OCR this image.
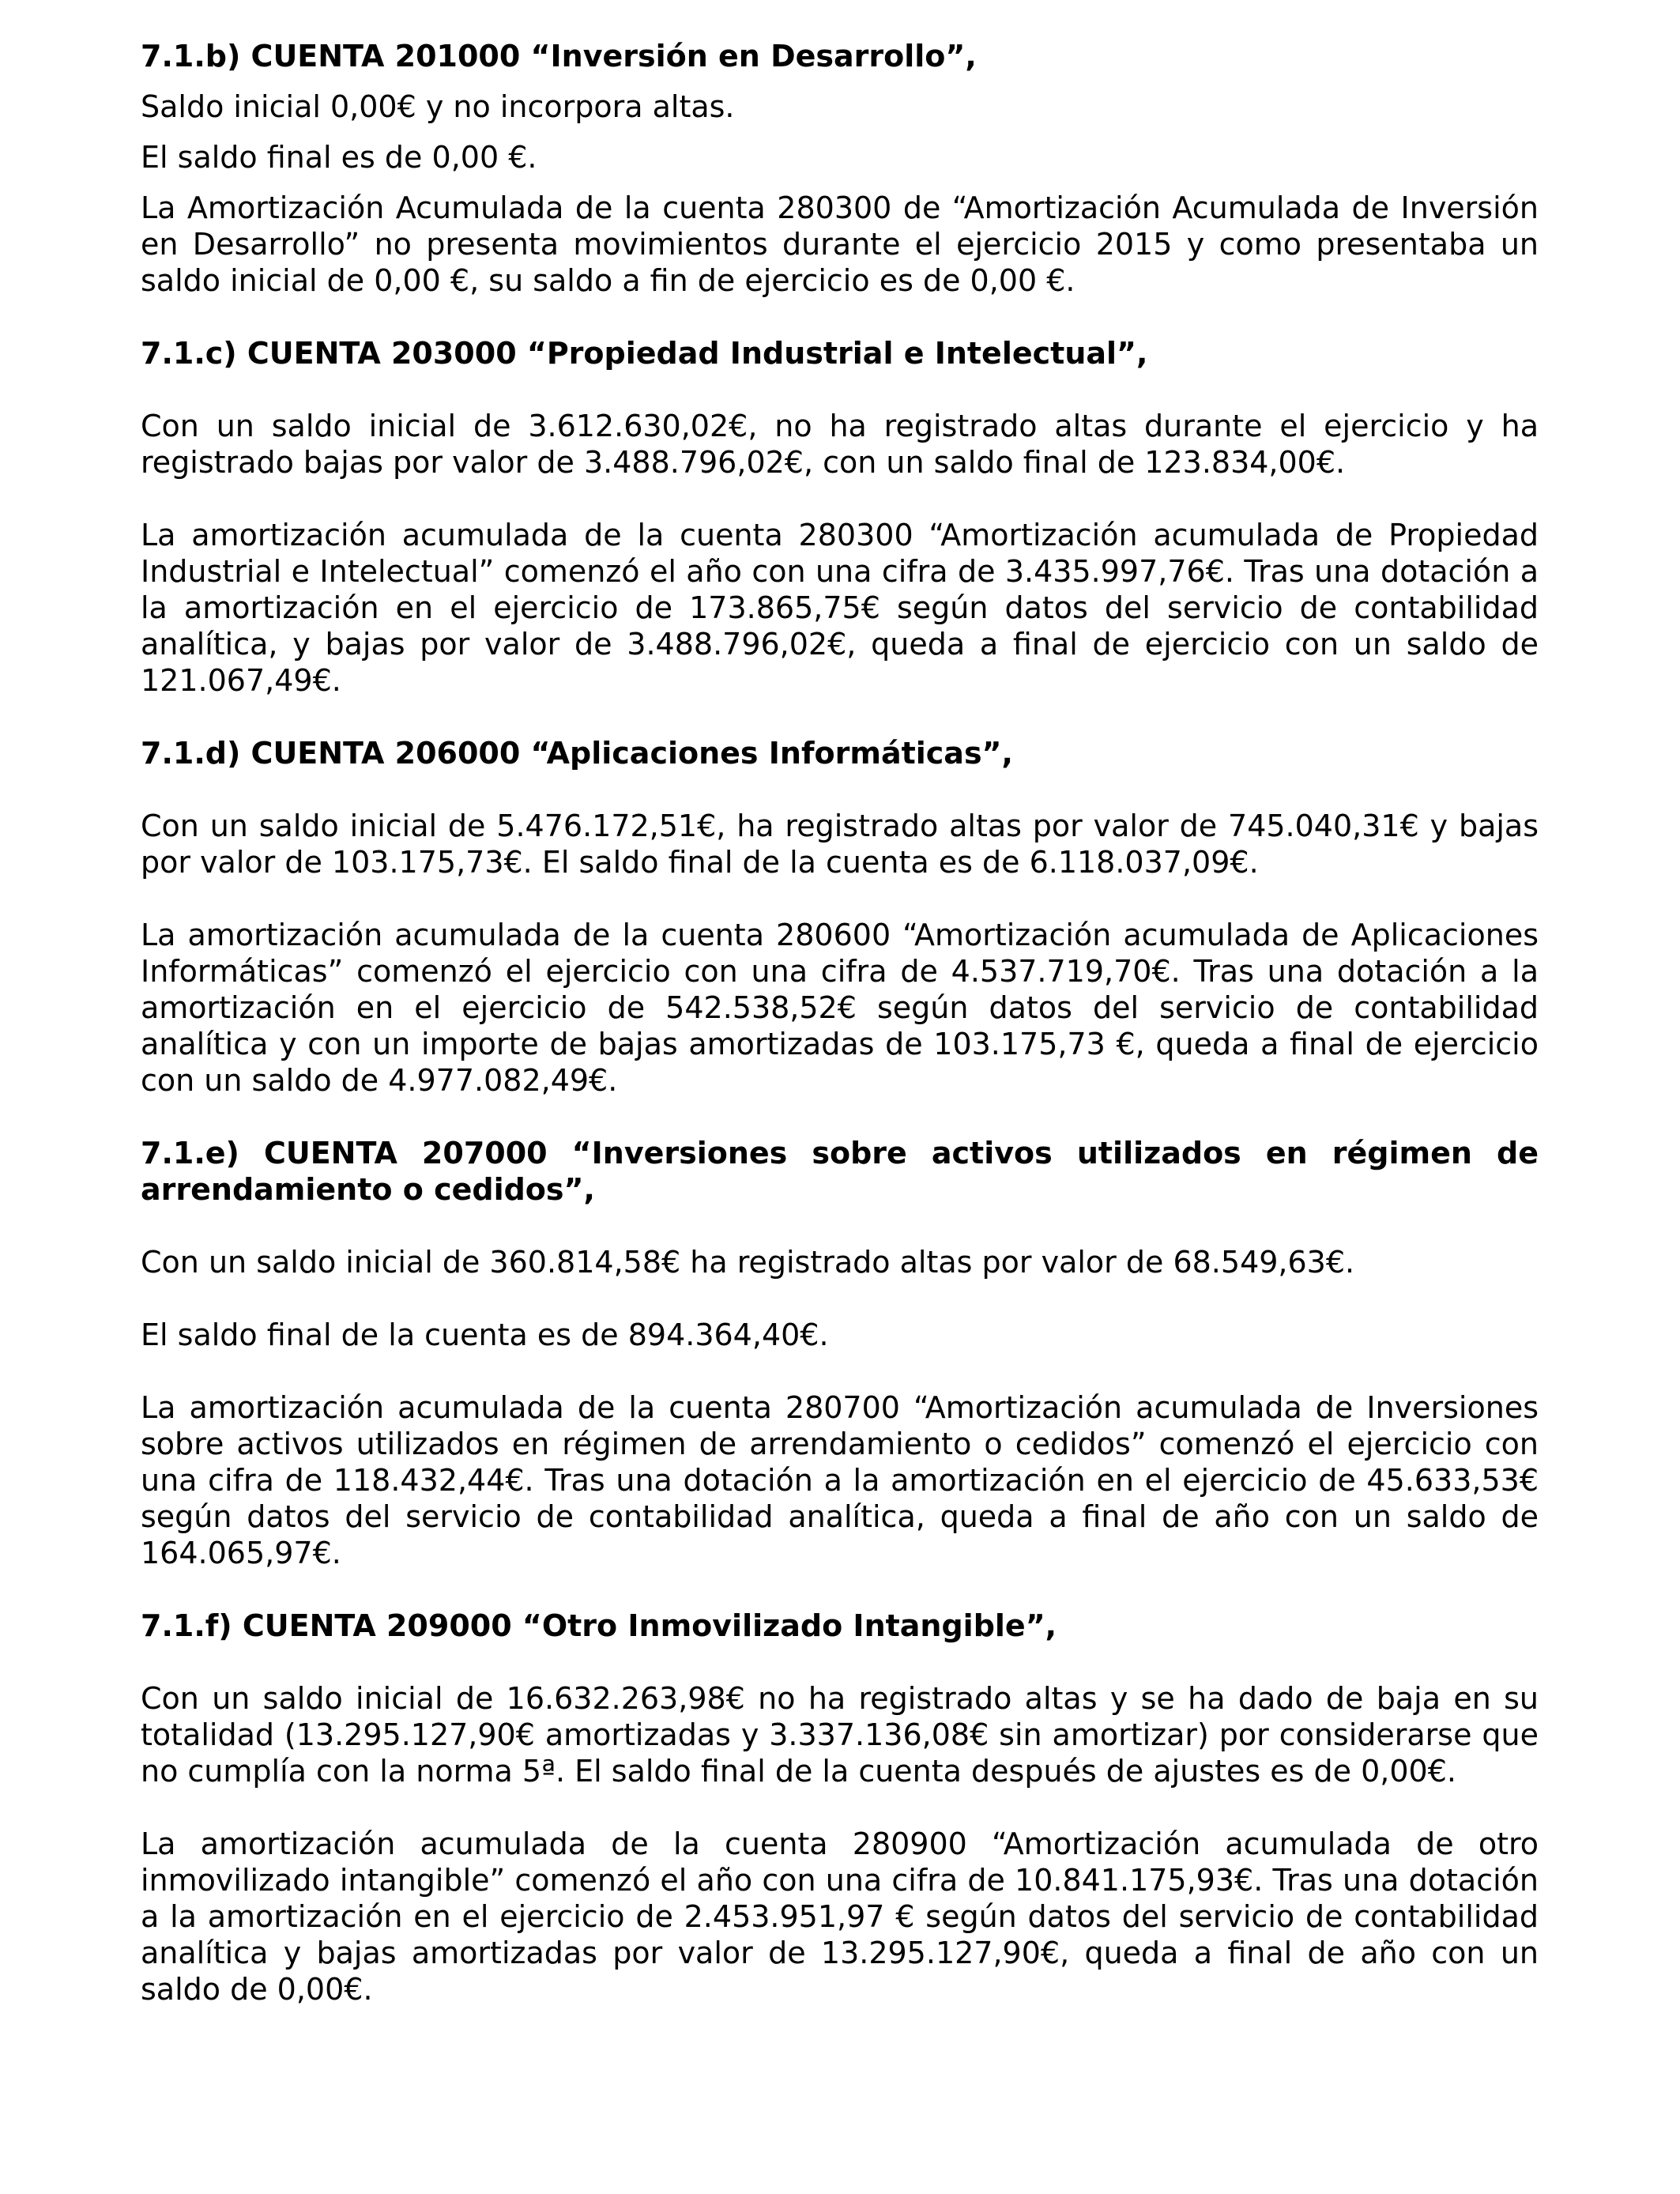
7.1.b) CUENTA 201000 “Inversión en Desarrollo”,

Saldo inicial 0,00€ y no incorpora altas.

El saldo final es de 0,00 €.

La Amortización Acumulada de la cuenta 280300 de “Amortización Acumulada de Inversión en Desarrollo” no presenta movimientos durante el ejercicio 2015 y como presentaba un saldo inicial de 0,00 €, su saldo a fin de ejercicio es de 0,00 €.

7.1.c) CUENTA 203000 “Propiedad Industrial e Intelectual”,

Con un saldo inicial de 3.612.630,02€, no ha registrado altas durante el ejercicio y ha registrado bajas por valor de 3.488.796,02€, con un saldo final de 123.834,00€.

La amortización acumulada de la cuenta 280300 “Amortización acumulada de Propiedad Industrial e Intelectual” comenzó el año con una cifra de 3.435.997,76€. Tras una dotación a la amortización en el ejercicio de 173.865,75€ según datos del servicio de contabilidad analítica, y bajas por valor de 3.488.796,02€, queda a final de ejercicio con un saldo de 121.067,49€.

7.1.d) CUENTA 206000 “Aplicaciones Informáticas”,

Con un saldo inicial de 5.476.172,51€, ha registrado altas por valor de 745.040,31€ y bajas por valor de 103.175,73€. El saldo final de la cuenta es de 6.118.037,09€.

La amortización acumulada de la cuenta 280600 “Amortización acumulada de Aplicaciones Informáticas” comenzó el ejercicio con una cifra de 4.537.719,70€. Tras una dotación a la amortización en el ejercicio de 542.538,52€ según datos del servicio de contabilidad analítica y con un importe de bajas amortizadas de 103.175,73 €, queda a final de ejercicio con un saldo de 4.977.082,49€.

7.1.e) CUENTA 207000 “Inversiones sobre activos utilizados en régimen de arrendamiento o cedidos”,

Con un saldo inicial de 360.814,58€ ha registrado altas por valor de 68.549,63€.

El saldo final de la cuenta es de 894.364,40€.

La amortización acumulada de la cuenta 280700 “Amortización acumulada de Inversiones sobre activos utilizados en régimen de arrendamiento o cedidos” comenzó el ejercicio con una cifra de 118.432,44€. Tras una dotación a la amortización en el ejercicio de 45.633,53€ según datos del servicio de contabilidad analítica, queda a final de año con un saldo de 164.065,97€.

7.1.f) CUENTA 209000 “Otro Inmovilizado Intangible”,

Con un saldo inicial de 16.632.263,98€ no ha registrado altas y se ha dado de baja en su totalidad (13.295.127,90€ amortizadas y 3.337.136,08€ sin amortizar) por considerarse que no cumplía con la norma 5ª. El saldo final de la cuenta después de ajustes es de 0,00€.

La amortización acumulada de la cuenta 280900 “Amortización acumulada de otro inmovilizado intangible” comenzó el año con una cifra de 10.841.175,93€. Tras una dotación a la amortización en el ejercicio de 2.453.951,97 € según datos del servicio de contabilidad analítica y bajas amortizadas por valor de 13.295.127,90€, queda a final de año con un saldo de 0,00€.
